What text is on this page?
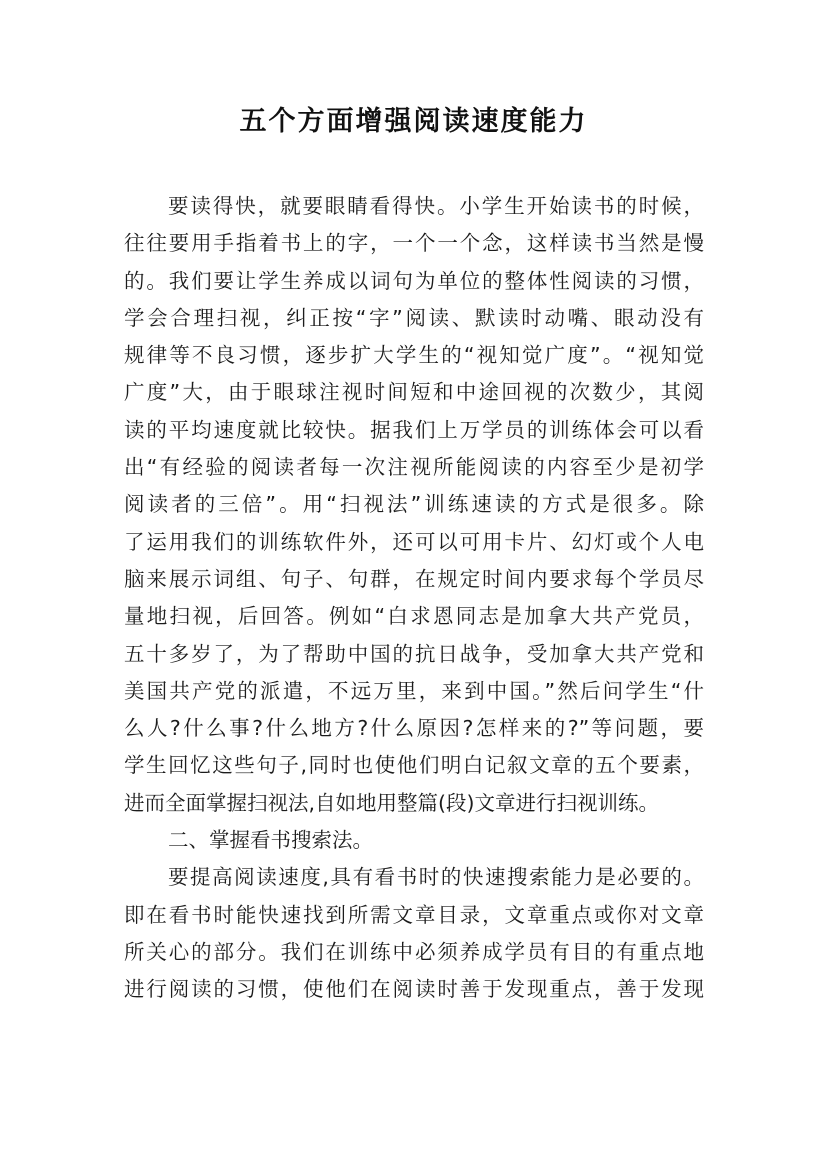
五个方面增强阅读速度能力
要读得快，就要眼睛看得快。小学生开始读书的时候，
往往要用手指着书上的字，一个一个念，这样读书当然是慢
的。我们要让学生养成以词句为单位的整体性阅读的习惯，
学会合理扫视，纠正按“字”阅读、默读时动嘴、眼动没有
规律等不良习惯，逐步扩大学生的“视知觉广度”。“视知觉
广度”大，由于眼球注视时间短和中途回视的次数少，其阅
读的平均速度就比较快。据我们上万学员的训练体会可以看
出“有经验的阅读者每一次注视所能阅读的内容至少是初学
阅读者的三倍”。用“扫视法”训练速读的方式是很多。除
了运用我们的训练软件外，还可以可用卡片、幻灯或个人电
脑来展示词组、句子、句群，在规定时间内要求每个学员尽
量地扫视，后回答。例如“白求恩同志是加拿大共产党员，
五十多岁了，为了帮助中国的抗日战争，受加拿大共产党和
美国共产党的派遣，不远万里，来到中国。”然后问学生“什
么人?什么事?什么地方?什么原因?怎样来的?”等问题，要
学生回忆这些句子,同时也使他们明白记叙文章的五个要素，
进而全面掌握扫视法,自如地用整篇(段)文章进行扫视训练。
二、掌握看书搜索法。
要提高阅读速度,具有看书时的快速搜索能力是必要的。
即在看书时能快速找到所需文章目录，文章重点或你对文章
所关心的部分。我们在训练中必须养成学员有目的有重点地
进行阅读的习惯，使他们在阅读时善于发现重点，善于发现
